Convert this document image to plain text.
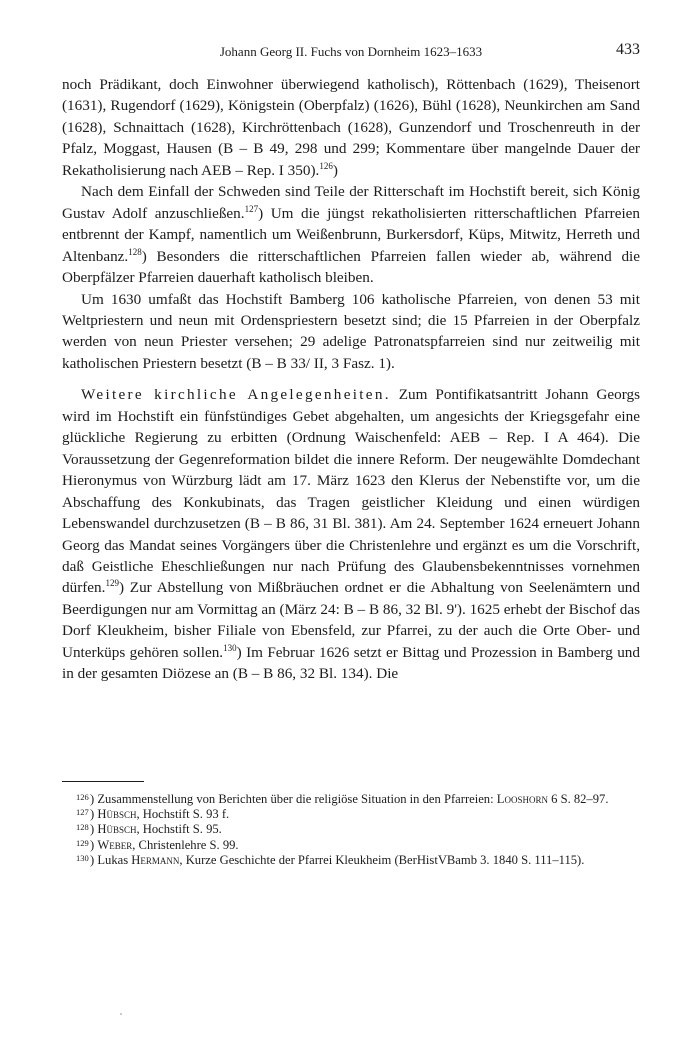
Johann Georg II. Fuchs von Dornheim 1623–1633	433

noch Prädikant, doch Einwohner überwiegend katholisch), Röttenbach (1629), Theisenort (1631), Rugendorf (1629), Königstein (Oberpfalz) (1626), Bühl (1628), Neunkirchen am Sand (1628), Schnaittach (1628), Kirchröttenbach (1628), Gunzendorf und Troschenreuth in der Pfalz, Moggast, Hausen (B – B 49, 298 und 299; Kommentare über mangelnde Dauer der Rekatholisierung nach AEB – Rep. I 350).$^{126}$)

Nach dem Einfall der Schweden sind Teile der Ritterschaft im Hochstift bereit, sich König Gustav Adolf anzuschließen.$^{127}$) Um die jüngst rekatholisierten ritterschaftlichen Pfarreien entbrennt der Kampf, namentlich um Weißenbrunn, Burkersdorf, Küps, Mitwitz, Herreth und Altenbanz.$^{128}$) Besonders die ritterschaftlichen Pfarreien fallen wieder ab, während die Oberpfälzer Pfarreien dauerhaft katholisch bleiben.

Um 1630 umfaßt das Hochstift Bamberg 106 katholische Pfarreien, von denen 53 mit Weltpriestern und neun mit Ordenspriestern besetzt sind; die 15 Pfarreien in der Oberpfalz werden von neun Priester versehen; 29 adelige Patronatspfarreien sind nur zeitweilig mit katholischen Priestern besetzt (B – B 33/ II, 3 Fasz. 1).

Weitere kirchliche Angelegenheiten. Zum Pontifikatsantritt Johann Georgs wird im Hochstift ein fünfstündiges Gebet abgehalten, um angesichts der Kriegsgefahr eine glückliche Regierung zu erbitten (Ordnung Waischenfeld: AEB – Rep. I A 464). Die Voraussetzung der Gegenreformation bildet die innere Reform. Der neugewählte Domdechant Hieronymus von Würzburg lädt am 17. März 1623 den Klerus der Nebenstifte vor, um die Abschaffung des Konkubinats, das Tragen geistlicher Kleidung und einen würdigen Lebenswandel durchzusetzen (B – B 86, 31 Bl. 381). Am 24. September 1624 erneuert Johann Georg das Mandat seines Vorgängers über die Christenlehre und ergänzt es um die Vorschrift, daß Geistliche Eheschließungen nur nach Prüfung des Glaubensbekenntnisses vornehmen dürfen.$^{129}$) Zur Abstellung von Mißbräuchen ordnet er die Abhaltung von Seelenämtern und Beerdigungen nur am Vormittag an (März 24: B – B 86, 32 Bl. 9'). 1625 erhebt der Bischof das Dorf Kleukheim, bisher Filiale von Ebensfeld, zur Pfarrei, zu der auch die Orte Ober- und Unterküps gehören sollen.$^{130}$) Im Februar 1626 setzt er Bittag und Prozession in Bamberg und in der gesamten Diözese an (B – B 86, 32 Bl. 134). Die

126 ) Zusammenstellung von Berichten über die religiöse Situation in den Pfarreien: Looshorn 6 S. 82–97.

127 ) Hübsch, Hochstift S. 93 f.

128 ) Hübsch, Hochstift S. 95.

129 ) Weber, Christenlehre S. 99.

130 ) Lukas Hermann, Kurze Geschichte der Pfarrei Kleukheim (BerHistVBamb 3. 1840 S. 111–115).
